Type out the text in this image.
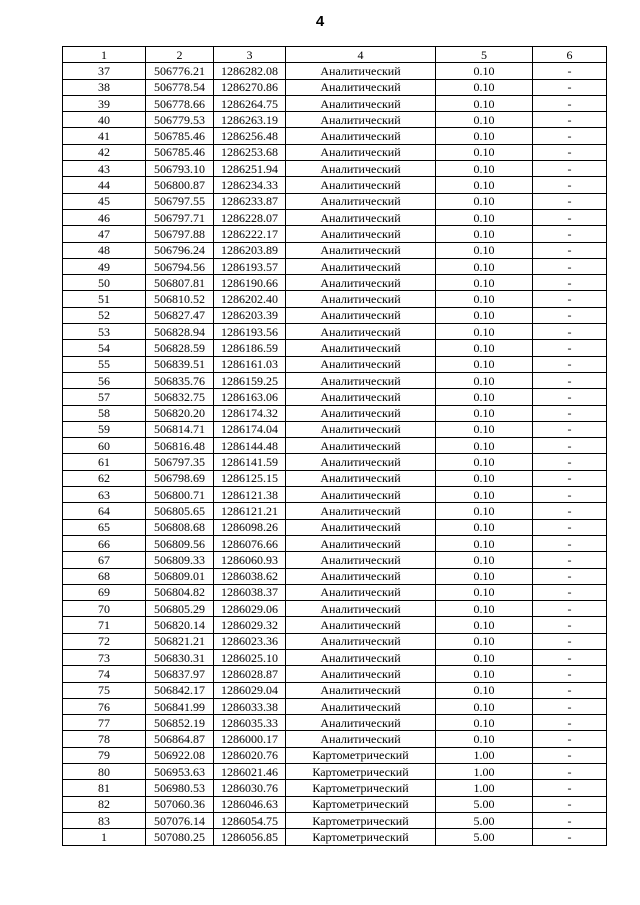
4
1	2	3	4	5	6
37	506776.21	1286282.08	Аналитический	0.10	-
38	506778.54	1286270.86	Аналитический	0.10	-
39	506778.66	1286264.75	Аналитический	0.10	-
40	506779.53	1286263.19	Аналитический	0.10	-
41	506785.46	1286256.48	Аналитический	0.10	-
42	506785.46	1286253.68	Аналитический	0.10	-
43	506793.10	1286251.94	Аналитический	0.10	-
44	506800.87	1286234.33	Аналитический	0.10	-
45	506797.55	1286233.87	Аналитический	0.10	-
46	506797.71	1286228.07	Аналитический	0.10	-
47	506797.88	1286222.17	Аналитический	0.10	-
48	506796.24	1286203.89	Аналитический	0.10	-
49	506794.56	1286193.57	Аналитический	0.10	-
50	506807.81	1286190.66	Аналитический	0.10	-
51	506810.52	1286202.40	Аналитический	0.10	-
52	506827.47	1286203.39	Аналитический	0.10	-
53	506828.94	1286193.56	Аналитический	0.10	-
54	506828.59	1286186.59	Аналитический	0.10	-
55	506839.51	1286161.03	Аналитический	0.10	-
56	506835.76	1286159.25	Аналитический	0.10	-
57	506832.75	1286163.06	Аналитический	0.10	-
58	506820.20	1286174.32	Аналитический	0.10	-
59	506814.71	1286174.04	Аналитический	0.10	-
60	506816.48	1286144.48	Аналитический	0.10	-
61	506797.35	1286141.59	Аналитический	0.10	-
62	506798.69	1286125.15	Аналитический	0.10	-
63	506800.71	1286121.38	Аналитический	0.10	-
64	506805.65	1286121.21	Аналитический	0.10	-
65	506808.68	1286098.26	Аналитический	0.10	-
66	506809.56	1286076.66	Аналитический	0.10	-
67	506809.33	1286060.93	Аналитический	0.10	-
68	506809.01	1286038.62	Аналитический	0.10	-
69	506804.82	1286038.37	Аналитический	0.10	-
70	506805.29	1286029.06	Аналитический	0.10	-
71	506820.14	1286029.32	Аналитический	0.10	-
72	506821.21	1286023.36	Аналитический	0.10	-
73	506830.31	1286025.10	Аналитический	0.10	-
74	506837.97	1286028.87	Аналитический	0.10	-
75	506842.17	1286029.04	Аналитический	0.10	-
76	506841.99	1286033.38	Аналитический	0.10	-
77	506852.19	1286035.33	Аналитический	0.10	-
78	506864.87	1286000.17	Аналитический	0.10	-
79	506922.08	1286020.76	Картометрический	1.00	-
80	506953.63	1286021.46	Картометрический	1.00	-
81	506980.53	1286030.76	Картометрический	1.00	-
82	507060.36	1286046.63	Картометрический	5.00	-
83	507076.14	1286054.75	Картометрический	5.00	-
1	507080.25	1286056.85	Картометрический	5.00	-
